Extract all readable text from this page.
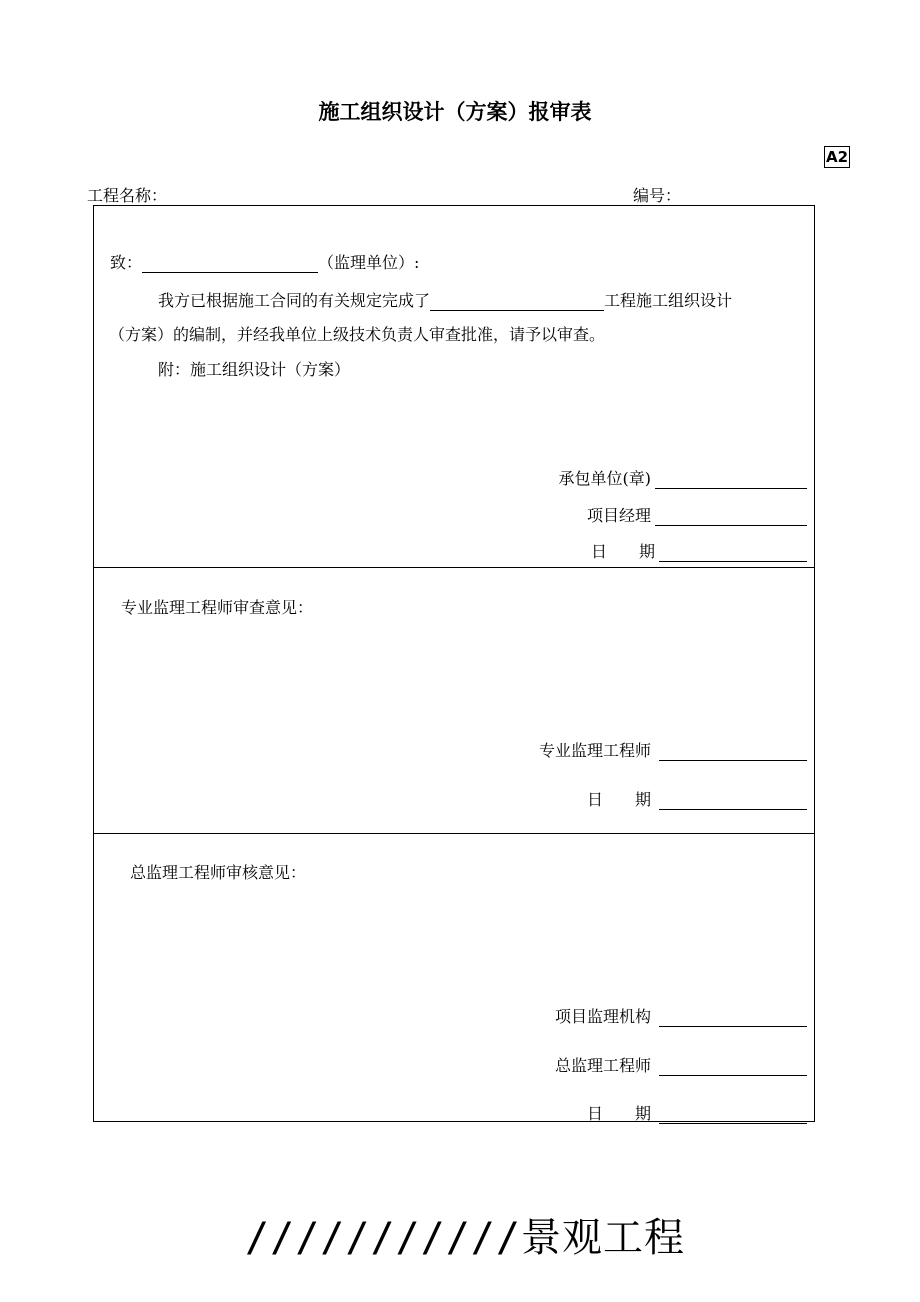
施工组织设计（方案）报审表
A2
工程名称：	编号：
致：	（监理单位）:
我方已根据施工合同的有关规定完成了	工程施工组织设计
（方案）的编制，并经我单位上级技术负责人审查批准，请予以审查。
附：施工组织设计（方案）
承包单位(章)
项目经理
日　　期
专业监理工程师审查意见：
专业监理工程师
日　　期
总监理工程师审核意见：
项目监理机构
总监理工程师
日　　期
///////////景观工程
